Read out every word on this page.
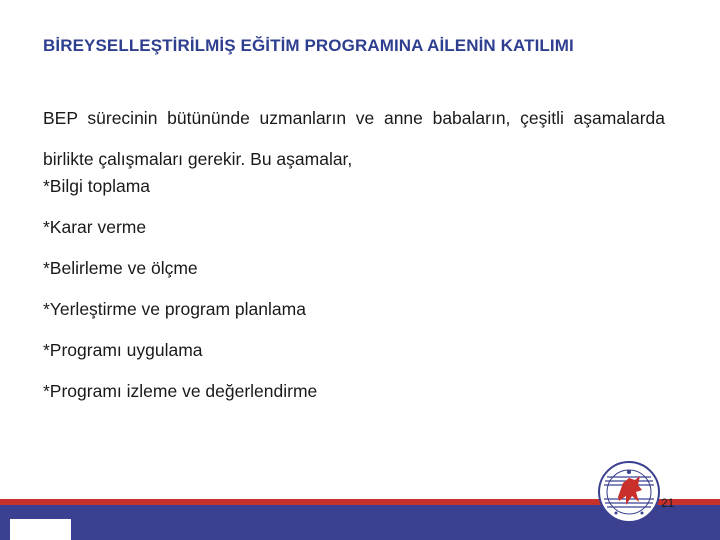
BİREYSELLEŞTİRİLMİŞ EĞİTİM PROGRAMINA AİLENİN KATILIMI
BEP sürecinin bütününde uzmanların ve anne babaların, çeşitli aşamalarda birlikte çalışmaları gerekir. Bu aşamalar,
*Bilgi toplama
*Karar verme
*Belirleme ve ölçme
*Yerleştirme ve program planlama
*Programı uygulama
*Programı izleme ve değerlendirme
21
